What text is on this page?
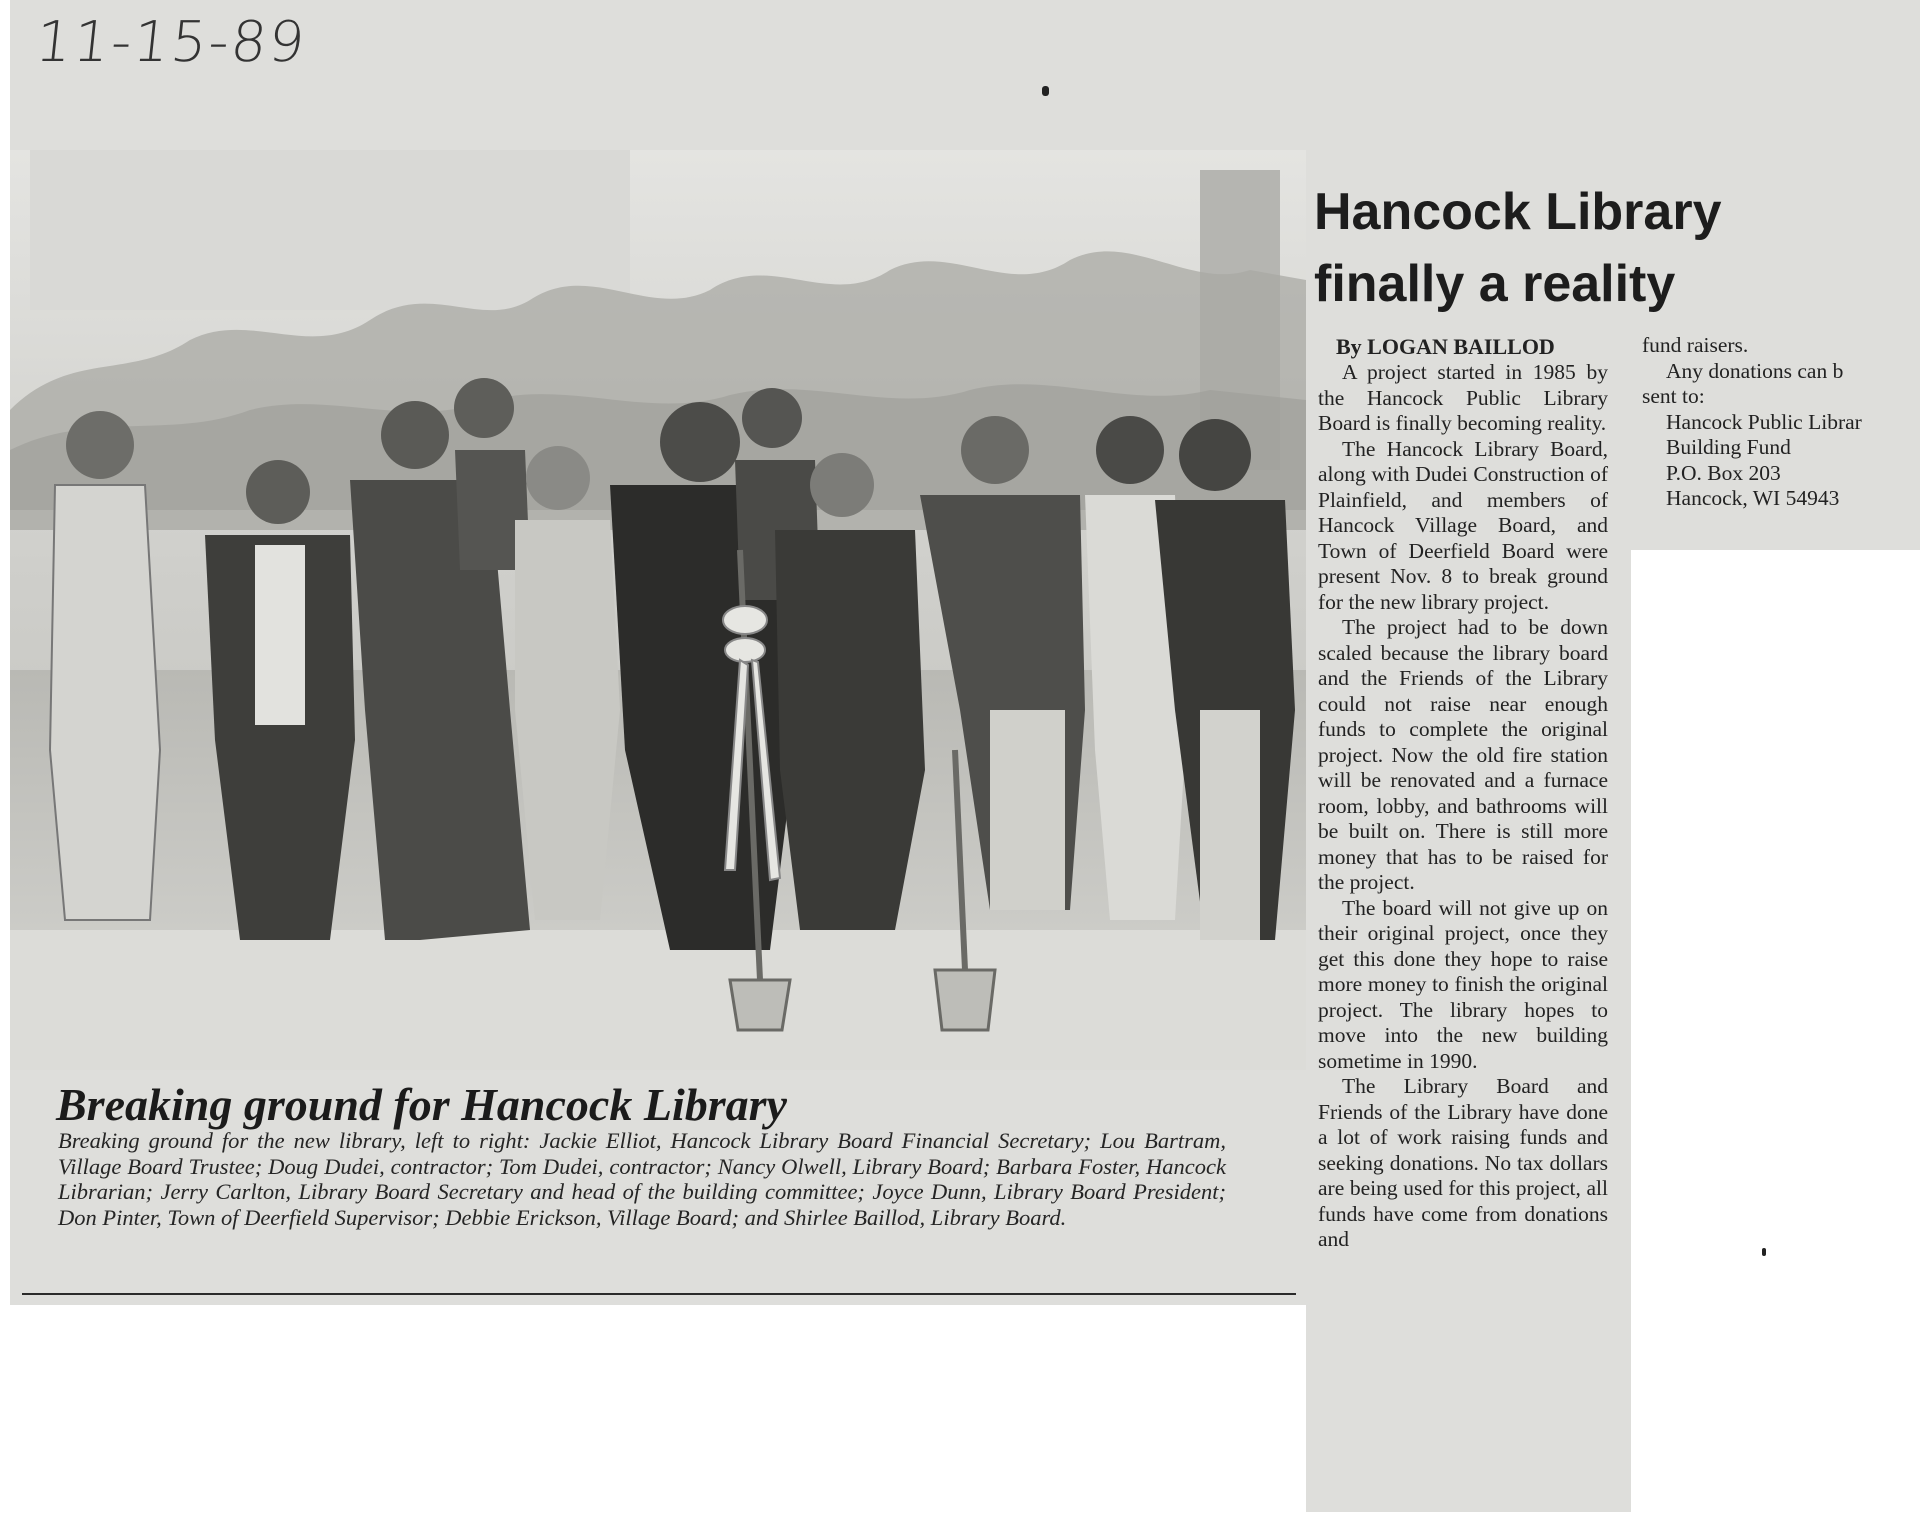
11-15-89
Breaking ground for Hancock Library
Breaking ground for the new library, left to right: Jackie Elliot, Hancock Library Board Financial Secretary; Lou Bartram, Village Board Trustee; Doug Dudei, contractor; Tom Dudei, contractor; Nancy Olwell, Library Board; Barbara Foster, Hancock Librarian; Jerry Carlton, Library Board Secretary and head of the building committee; Joyce Dunn, Library Board President; Don Pinter, Town of Deerfield Supervisor; Debbie Erickson, Village Board; and Shirlee Baillod, Library Board.
Hancock Library finally a reality
By LOGAN BAILLOD

A project started in 1985 by the Hancock Public Library Board is finally becoming reality.

The Hancock Library Board, along with Dudei Construction of Plainfield, and members of Hancock Village Board, and Town of Deerfield Board were present Nov. 8 to break ground for the new library project.

The project had to be down scaled because the library board and the Friends of the Library could not raise near enough funds to complete the original project. Now the old fire station will be renovated and a furnace room, lobby, and bathrooms will be built on. There is still more money that has to be raised for the project.

The board will not give up on their original project, once they get this done they hope to raise more money to finish the original project. The library hopes to move into the new building sometime in 1990.

The Library Board and Friends of the Library have done a lot of work raising funds and seeking donations. No tax dollars are being used for this project, all funds have come from donations and

fund raisers.
Any donations can b
sent to:
Hancock Public Librar
Building Fund
P.O. Box 203
Hancock, WI 54943
